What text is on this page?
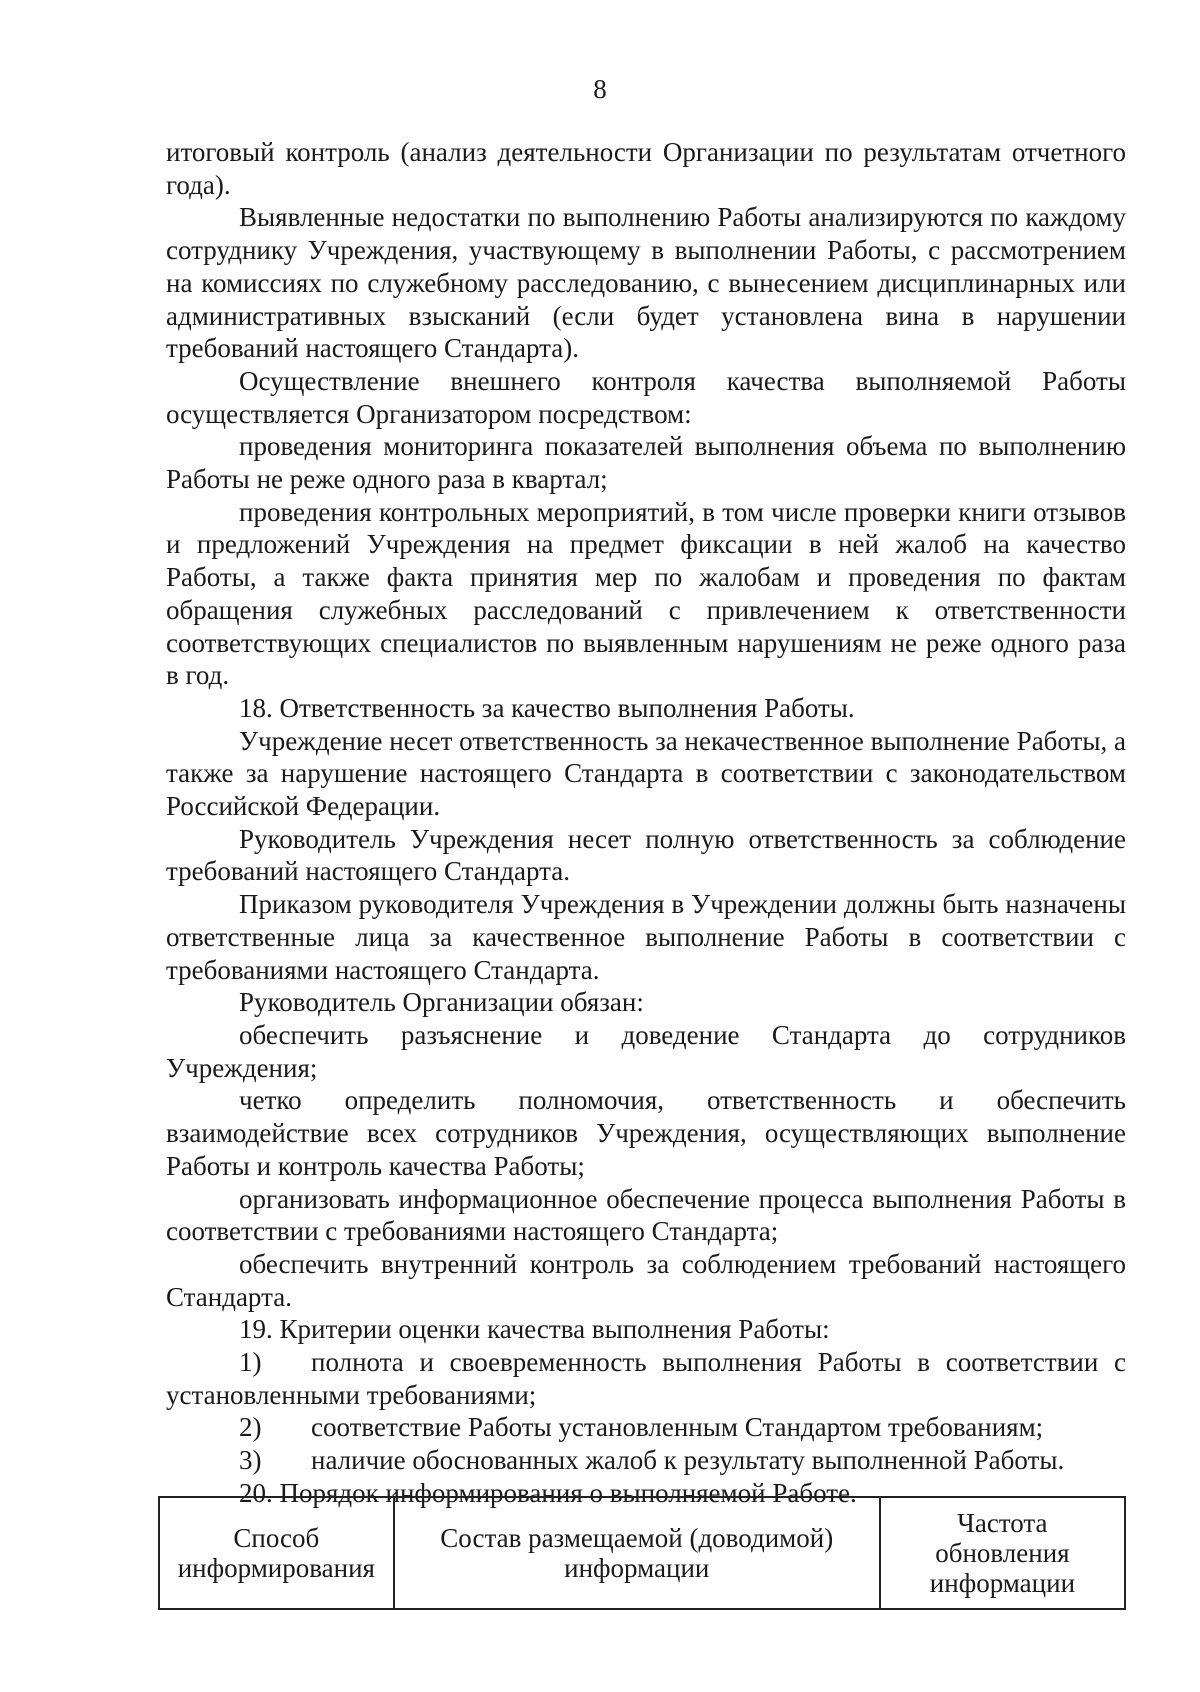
8

итоговый контроль (анализ деятельности Организации по результатам отчетного года).

Выявленные недостатки по выполнению Работы анализируются по каждому сотруднику Учреждения, участвующему в выполнении Работы, с рассмотрением на комиссиях по служебному расследованию, с вынесением дисциплинарных или административных взысканий (если будет установлена вина в нарушении требований настоящего Стандарта).

Осуществление внешнего контроля качества выполняемой Работы осуществляется Организатором посредством:

проведения мониторинга показателей выполнения объема по выполнению Работы не реже одного раза в квартал;

проведения контрольных мероприятий, в том числе проверки книги отзывов и предложений Учреждения на предмет фиксации в ней жалоб на качество Работы, а также факта принятия мер по жалобам и проведения по фактам обращения служебных расследований с привлечением к ответственности соответствующих специалистов по выявленным нарушениям не реже одного раза в год.

18. Ответственность за качество выполнения Работы.

Учреждение несет ответственность за некачественное выполнение Работы, а также за нарушение настоящего Стандарта в соответствии с законодательством Российской Федерации.

Руководитель Учреждения несет полную ответственность за соблюдение требований настоящего Стандарта.

Приказом руководителя Учреждения в Учреждении должны быть назначены ответственные лица за качественное выполнение Работы в соответствии с требованиями настоящего Стандарта.

Руководитель Организации обязан:

обеспечить разъяснение и доведение Стандарта до сотрудников Учреждения;

четко определить полномочия, ответственность и обеспечить взаимодействие всех сотрудников Учреждения, осуществляющих выполнение Работы и контроль качества Работы;

организовать информационное обеспечение процесса выполнения Работы в соответствии с требованиями настоящего Стандарта;

обеспечить внутренний контроль за соблюдением требований настоящего Стандарта.

19. Критерии оценки качества выполнения Работы:

1) полнота и своевременность выполнения Работы в соответствии с установленными требованиями;

2) соответствие Работы установленным Стандартом требованиям;

3) наличие обоснованных жалоб к результату выполненной Работы.

20. Порядок информирования о выполняемой Работе.

Способ информирования	Состав размещаемой (доводимой) информации	Частота обновления информации
